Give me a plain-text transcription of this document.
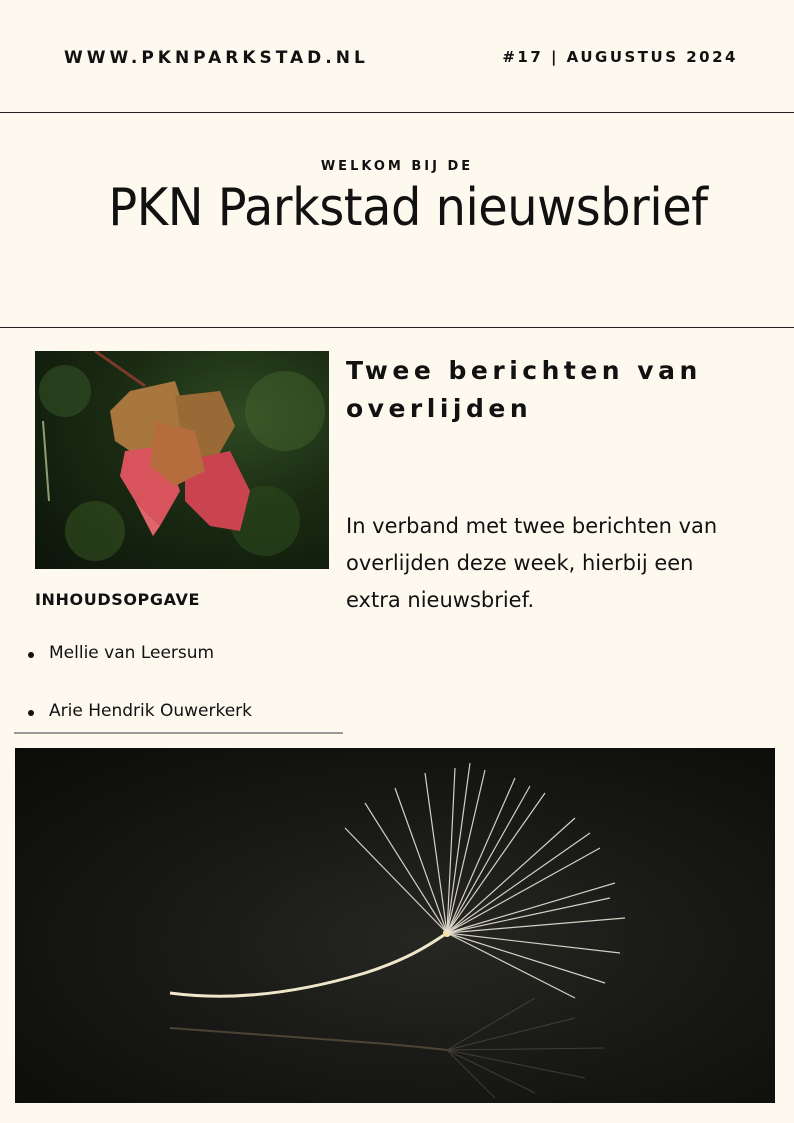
WWW.PKNPARKSTAD.NL	#17 | AUGUSTUS 2024
WELKOM BIJ DE
PKN Parkstad nieuwsbrief
Twee berichten van overlijden
In verband met twee berichten van overlijden deze week, hierbij een extra nieuwsbrief.
INHOUDSOPGAVE
Mellie van Leersum
Arie Hendrik Ouwerkerk
